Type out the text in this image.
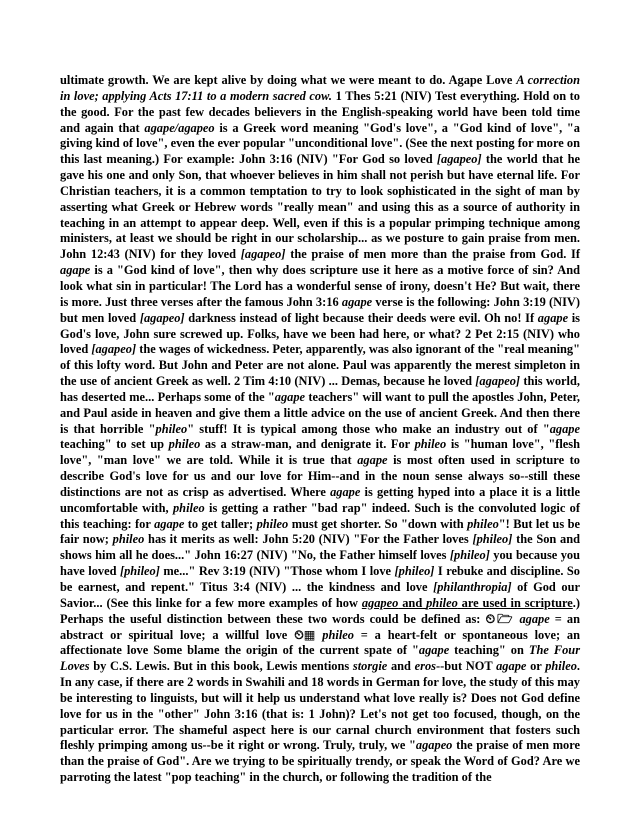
ultimate growth. We are kept alive by doing what we were meant to do. Agape Love A correction in love; applying Acts 17:11 to a modern sacred cow. 1 Thes 5:21 (NIV) Test everything. Hold on to the good. For the past few decades believers in the English-speaking world have been told time and again that agape/agapeo is a Greek word meaning "God's love", a "God kind of love", "a giving kind of love", even the ever popular "unconditional love". (See the next posting for more on this last meaning.) For example: John 3:16 (NIV) "For God so loved [agapeo] the world that he gave his one and only Son, that whoever believes in him shall not perish but have eternal life. For Christian teachers, it is a common temptation to try to look sophisticated in the sight of man by asserting what Greek or Hebrew words "really mean" and using this as a source of authority in teaching in an attempt to appear deep. Well, even if this is a popular primping technique among ministers, at least we should be right in our scholarship... as we posture to gain praise from men. John 12:43 (NIV) for they loved [agapeo] the praise of men more than the praise from God. If agape is a "God kind of love", then why does scripture use it here as a motive force of sin? And look what sin in particular! The Lord has a wonderful sense of irony, doesn't He? But wait, there is more. Just three verses after the famous John 3:16 agape verse is the following: John 3:19 (NIV) but men loved [agapeo] darkness instead of light because their deeds were evil. Oh no! If agape is God's love, John sure screwed up. Folks, have we been had here, or what? 2 Pet 2:15 (NIV) who loved [agapeo] the wages of wickedness. Peter, apparently, was also ignorant of the "real meaning" of this lofty word. But John and Peter are not alone. Paul was apparently the merest simpleton in the use of ancient Greek as well. 2 Tim 4:10 (NIV) ... Demas, because he loved [agapeo] this world, has deserted me... Perhaps some of the "agape teachers" will want to pull the apostles John, Peter, and Paul aside in heaven and give them a little advice on the use of ancient Greek. And then there is that horrible "phileo" stuff! It is typical among those who make an industry out of "agape teaching" to set up phileo as a straw-man, and denigrate it. For phileo is "human love", "flesh love", "man love" we are told. While it is true that agape is most often used in scripture to describe God's love for us and our love for Him--and in the noun sense always so--still these distinctions are not as crisp as advertised. Where agape is getting hyped into a place it is a little uncomfortable with, phileo is getting a rather "bad rap" indeed. Such is the convoluted logic of this teaching: for agape to get taller; phileo must get shorter. So "down with phileo"! But let us be fair now; phileo has it merits as well: John 5:20 (NIV) "For the Father loves [phileo] the Son and shows him all he does..." John 16:27 (NIV) "No, the Father himself loves [phileo] you because you have loved [phileo] me..." Rev 3:19 (NIV) "Those whom I love [phileo] I rebuke and discipline. So be earnest, and repent." Titus 3:4 (NIV) ... the kindness and love [philanthropia] of God our Savior... (See this linke for a few more examples of how agapeo and phileo are used in scripture.) Perhaps the useful distinction between these two words could be defined as: ⏲🗁 agape = an abstract or spiritual love; a willful love ⏲▦ phileo = a heart-felt or spontaneous love; an affectionate love Some blame the origin of the current spate of "agape teaching" on The Four Loves by C.S. Lewis. But in this book, Lewis mentions storgie and eros--but NOT agape or phileo. In any case, if there are 2 words in Swahili and 18 words in German for love, the study of this may be interesting to linguists, but will it help us understand what love really is? Does not God define love for us in the "other" John 3:16 (that is: 1 John)? Let's not get too focused, though, on the particular error. The shameful aspect here is our carnal church environment that fosters such fleshly primping among us--be it right or wrong. Truly, truly, we "agapeo the praise of men more than the praise of God". Are we trying to be spiritually trendy, or speak the Word of God? Are we parroting the latest "pop teaching" in the church, or following the tradition of the
